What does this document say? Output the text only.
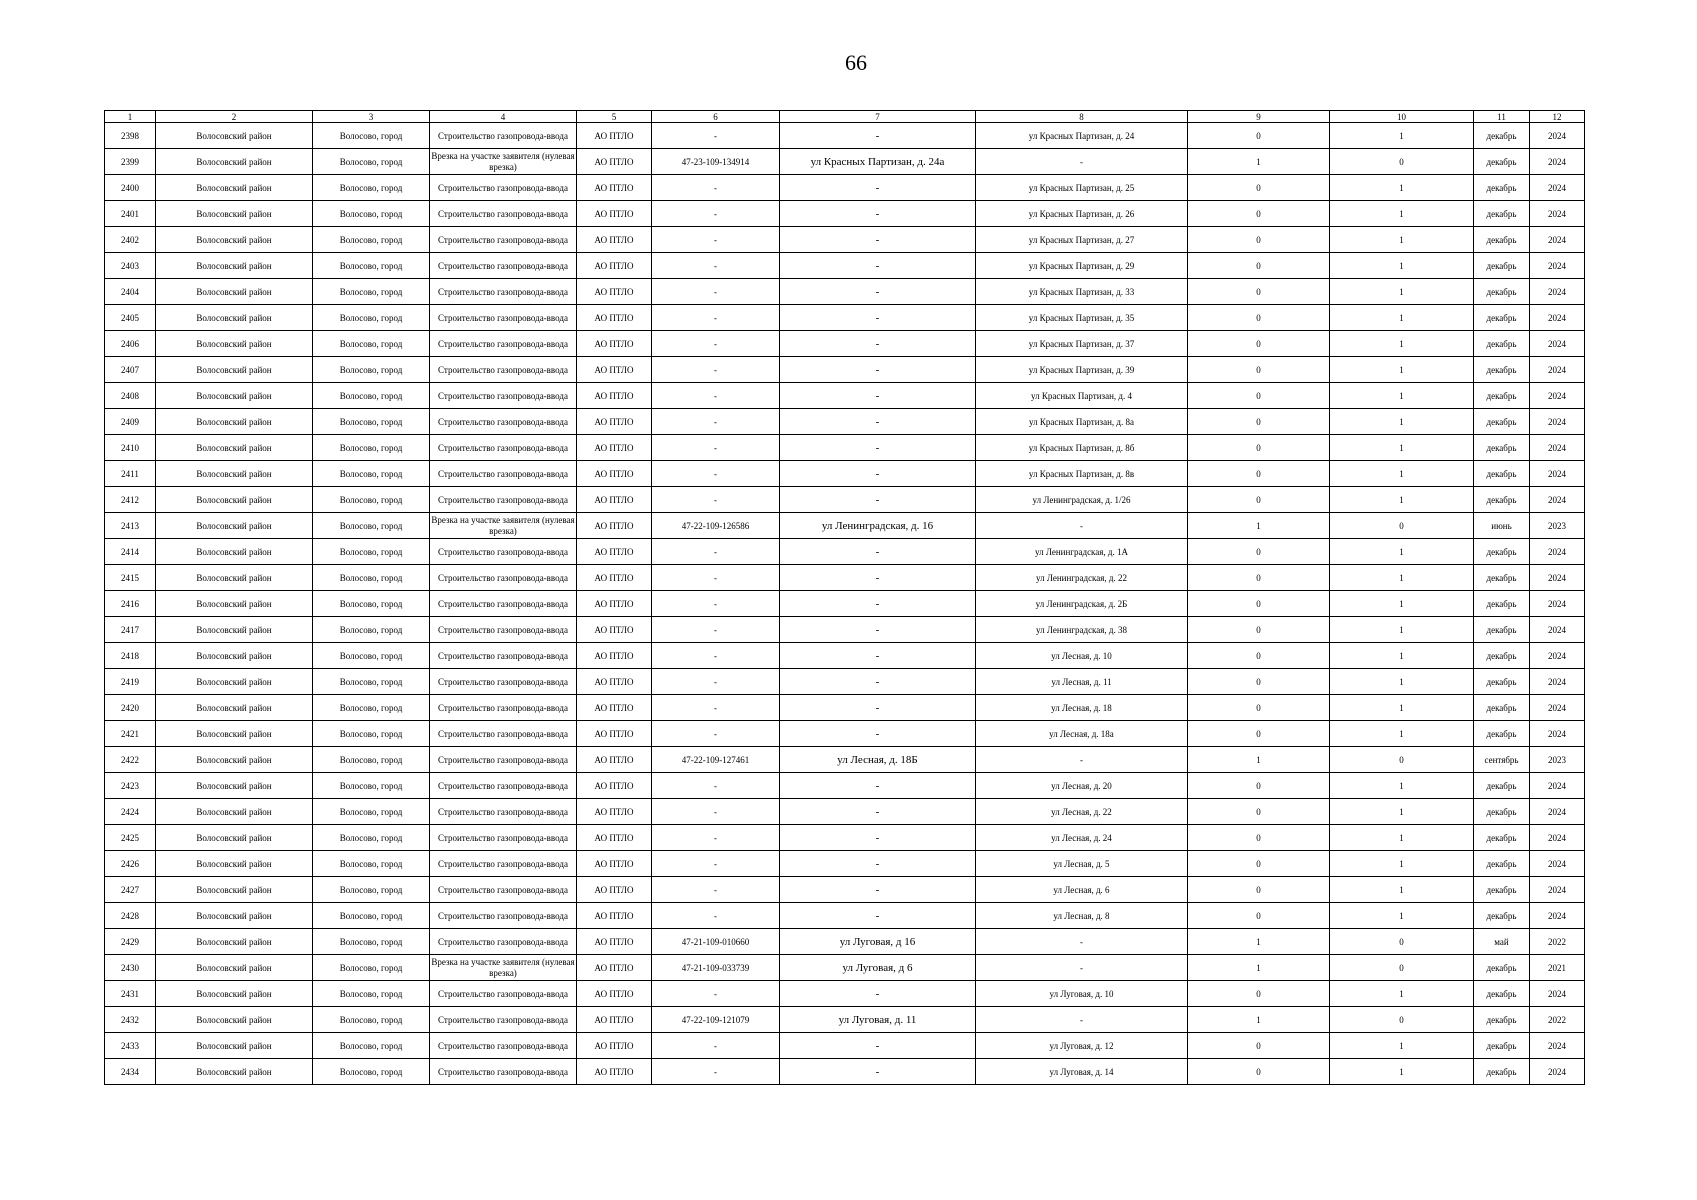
66
1	2	3	4	5	6	7	8	9	10	11	12
2398	Волосовский район	Волосово, город	Строительство газопровода-ввода	АО ПТЛО	-	-	ул Красных Партизан, д. 24	0	1	декабрь	2024
2399	Волосовский район	Волосово, город	Врезка на участке заявителя (нулевая врезка)	АО ПТЛО	47-23-109-134914	ул Красных Партизан, д. 24а	-	1	0	декабрь	2024
2400	Волосовский район	Волосово, город	Строительство газопровода-ввода	АО ПТЛО	-	-	ул Красных Партизан, д. 25	0	1	декабрь	2024
2401	Волосовский район	Волосово, город	Строительство газопровода-ввода	АО ПТЛО	-	-	ул Красных Партизан, д. 26	0	1	декабрь	2024
2402	Волосовский район	Волосово, город	Строительство газопровода-ввода	АО ПТЛО	-	-	ул Красных Партизан, д. 27	0	1	декабрь	2024
2403	Волосовский район	Волосово, город	Строительство газопровода-ввода	АО ПТЛО	-	-	ул Красных Партизан, д. 29	0	1	декабрь	2024
2404	Волосовский район	Волосово, город	Строительство газопровода-ввода	АО ПТЛО	-	-	ул Красных Партизан, д. 33	0	1	декабрь	2024
2405	Волосовский район	Волосово, город	Строительство газопровода-ввода	АО ПТЛО	-	-	ул Красных Партизан, д. 35	0	1	декабрь	2024
2406	Волосовский район	Волосово, город	Строительство газопровода-ввода	АО ПТЛО	-	-	ул Красных Партизан, д. 37	0	1	декабрь	2024
2407	Волосовский район	Волосово, город	Строительство газопровода-ввода	АО ПТЛО	-	-	ул Красных Партизан, д. 39	0	1	декабрь	2024
2408	Волосовский район	Волосово, город	Строительство газопровода-ввода	АО ПТЛО	-	-	ул Красных Партизан, д. 4	0	1	декабрь	2024
2409	Волосовский район	Волосово, город	Строительство газопровода-ввода	АО ПТЛО	-	-	ул Красных Партизан, д. 8а	0	1	декабрь	2024
2410	Волосовский район	Волосово, город	Строительство газопровода-ввода	АО ПТЛО	-	-	ул Красных Партизан, д. 8б	0	1	декабрь	2024
2411	Волосовский район	Волосово, город	Строительство газопровода-ввода	АО ПТЛО	-	-	ул Красных Партизан, д. 8в	0	1	декабрь	2024
2412	Волосовский район	Волосово, город	Строительство газопровода-ввода	АО ПТЛО	-	-	ул Ленинградская, д. 1/26	0	1	декабрь	2024
2413	Волосовский район	Волосово, город	Врезка на участке заявителя (нулевая врезка)	АО ПТЛО	47-22-109-126586	ул Ленинградская, д. 16	-	1	0	июнь	2023
2414	Волосовский район	Волосово, город	Строительство газопровода-ввода	АО ПТЛО	-	-	ул Ленинградская, д. 1А	0	1	декабрь	2024
2415	Волосовский район	Волосово, город	Строительство газопровода-ввода	АО ПТЛО	-	-	ул Ленинградская, д. 22	0	1	декабрь	2024
2416	Волосовский район	Волосово, город	Строительство газопровода-ввода	АО ПТЛО	-	-	ул Ленинградская, д. 2Б	0	1	декабрь	2024
2417	Волосовский район	Волосово, город	Строительство газопровода-ввода	АО ПТЛО	-	-	ул Ленинградская, д. 38	0	1	декабрь	2024
2418	Волосовский район	Волосово, город	Строительство газопровода-ввода	АО ПТЛО	-	-	ул Лесная, д. 10	0	1	декабрь	2024
2419	Волосовский район	Волосово, город	Строительство газопровода-ввода	АО ПТЛО	-	-	ул Лесная, д. 11	0	1	декабрь	2024
2420	Волосовский район	Волосово, город	Строительство газопровода-ввода	АО ПТЛО	-	-	ул Лесная, д. 18	0	1	декабрь	2024
2421	Волосовский район	Волосово, город	Строительство газопровода-ввода	АО ПТЛО	-	-	ул Лесная, д. 18а	0	1	декабрь	2024
2422	Волосовский район	Волосово, город	Строительство газопровода-ввода	АО ПТЛО	47-22-109-127461	ул Лесная, д. 18Б	-	1	0	сентябрь	2023
2423	Волосовский район	Волосово, город	Строительство газопровода-ввода	АО ПТЛО	-	-	ул Лесная, д. 20	0	1	декабрь	2024
2424	Волосовский район	Волосово, город	Строительство газопровода-ввода	АО ПТЛО	-	-	ул Лесная, д. 22	0	1	декабрь	2024
2425	Волосовский район	Волосово, город	Строительство газопровода-ввода	АО ПТЛО	-	-	ул Лесная, д. 24	0	1	декабрь	2024
2426	Волосовский район	Волосово, город	Строительство газопровода-ввода	АО ПТЛО	-	-	ул Лесная, д. 5	0	1	декабрь	2024
2427	Волосовский район	Волосово, город	Строительство газопровода-ввода	АО ПТЛО	-	-	ул Лесная, д. 6	0	1	декабрь	2024
2428	Волосовский район	Волосово, город	Строительство газопровода-ввода	АО ПТЛО	-	-	ул Лесная, д. 8	0	1	декабрь	2024
2429	Волосовский район	Волосово, город	Строительство газопровода-ввода	АО ПТЛО	47-21-109-010660	ул Луговая, д 16	-	1	0	май	2022
2430	Волосовский район	Волосово, город	Врезка на участке заявителя (нулевая врезка)	АО ПТЛО	47-21-109-033739	ул Луговая, д 6	-	1	0	декабрь	2021
2431	Волосовский район	Волосово, город	Строительство газопровода-ввода	АО ПТЛО	-	-	ул Луговая, д. 10	0	1	декабрь	2024
2432	Волосовский район	Волосово, город	Строительство газопровода-ввода	АО ПТЛО	47-22-109-121079	ул Луговая, д. 11	-	1	0	декабрь	2022
2433	Волосовский район	Волосово, город	Строительство газопровода-ввода	АО ПТЛО	-	-	ул Луговая, д. 12	0	1	декабрь	2024
2434	Волосовский район	Волосово, город	Строительство газопровода-ввода	АО ПТЛО	-	-	ул Луговая, д. 14	0	1	декабрь	2024
